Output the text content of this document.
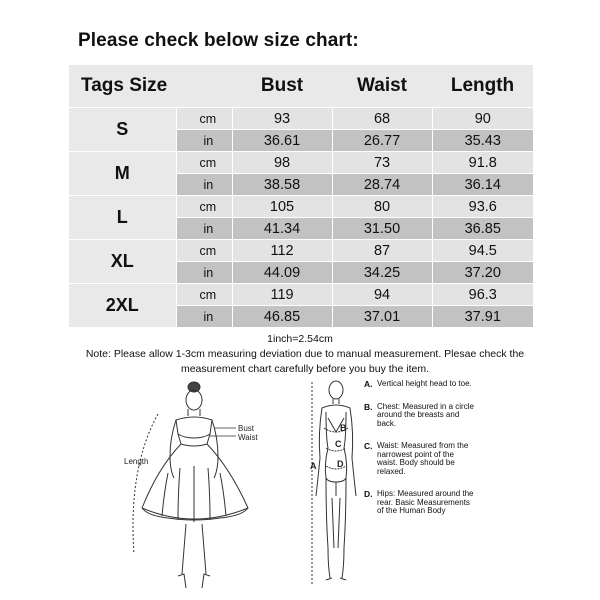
Please check below size chart:
Tags Size		Bust	Waist	Length
S	cm	93	68	90
	in	36.61	26.77	35.43
M	cm	98	73	91.8
	in	38.58	28.74	36.14
L	cm	105	80	93.6
	in	41.34	31.50	36.85
XL	cm	112	87	94.5
	in	44.09	34.25	37.20
2XL	cm	119	94	96.3
	in	46.85	37.01	37.91
1inch=2.54cm
Note: Please allow 1-3cm measuring deviation due to manual measurement. Plesae check the measurement chart carefully before you buy the item.
Bust
Waist
Length	A
B
C
D
A. Vertical height head to toe.
B. Chest: Measured in a circle around the breasts and back.
C. Waist: Measured from the narrowest point of the waist. Body should be relaxed.
D. Hips: Measured around the rear. Basic Measurements of the Human Body
